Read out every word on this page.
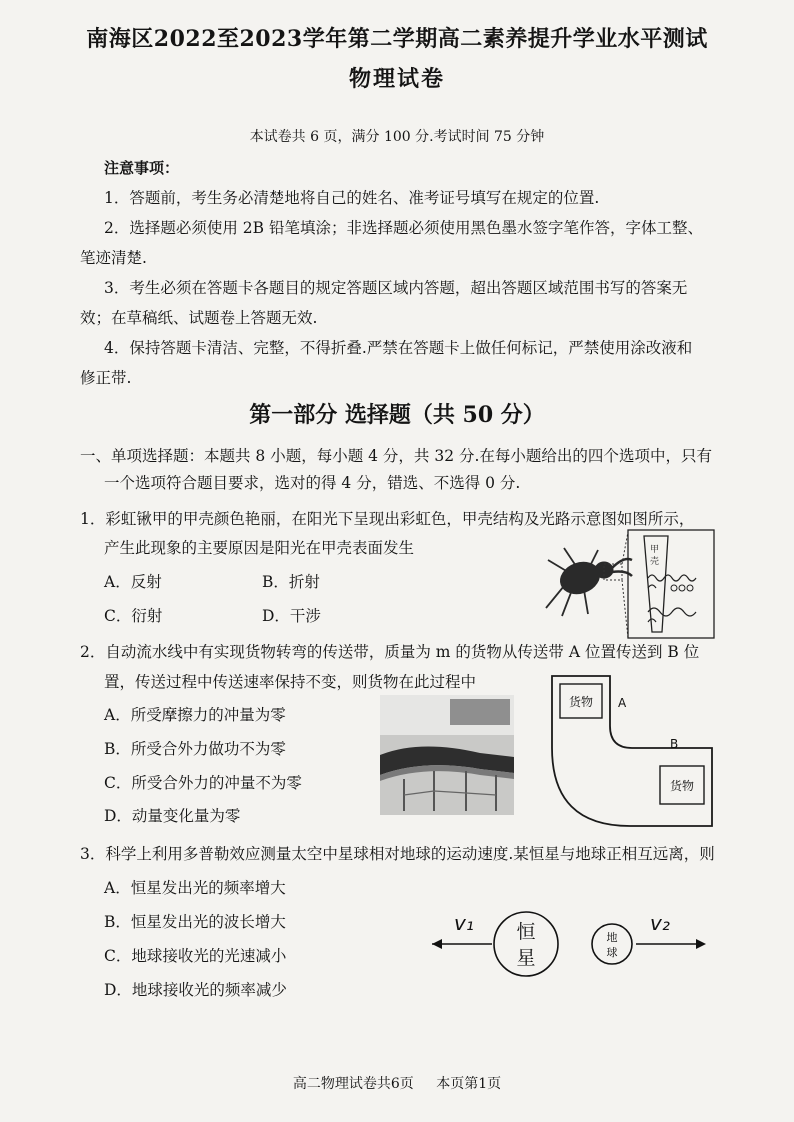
南海区2022至2023学年第二学期高二素养提升学业水平测试
物理试卷
本试卷共 6 页，满分 100 分.考试时间 75 分钟
注意事项：
1．答题前，考生务必清楚地将自己的姓名、准考证号填写在规定的位置.
2．选择题必须使用 2B 铅笔填涂；非选择题必须使用黑色墨水签字笔作答，字体工整、
笔迹清楚.
3．考生必须在答题卡各题目的规定答题区域内答题，超出答题区域范围书写的答案无
效；在草稿纸、试题卷上答题无效.
4．保持答题卡清洁、完整，不得折叠.严禁在答题卡上做任何标记，严禁使用涂改液和
修正带.
第一部分 选择题（共 50 分）
一、单项选择题：本题共 8 小题，每小题 4 分，共 32 分.在每小题给出的四个选项中，只有
一个选项符合题目要求，选对的得 4 分，错选、不选得 0 分.
1．彩虹锹甲的甲壳颜色艳丽，在阳光下呈现出彩虹色，甲壳结构及光路示意图如图所示，
产生此现象的主要原因是阳光在甲壳表面发生
A．反射	B．折射
C．衍射	D．干涉
甲
壳
2．自动流水线中有实现货物转弯的传送带，质量为 m 的货物从传送带 A 位置传送到 B 位
置，传送过程中传送速率保持不变，则货物在此过程中
A．所受摩擦力的冲量为零
B．所受合外力做功不为零
C．所受合外力的冲量不为零
D．动量变化量为零
货物 A
B
货物
3．科学上利用多普勒效应测量太空中星球相对地球的运动速度.某恒星与地球正相互远离，则
A．恒星发出光的频率增大
B．恒星发出光的波长增大
C．地球接收光的光速减小
D．地球接收光的频率减少
v₁ 恒
星
地
球
v₂
高二物理试卷共6页 本页第1页
